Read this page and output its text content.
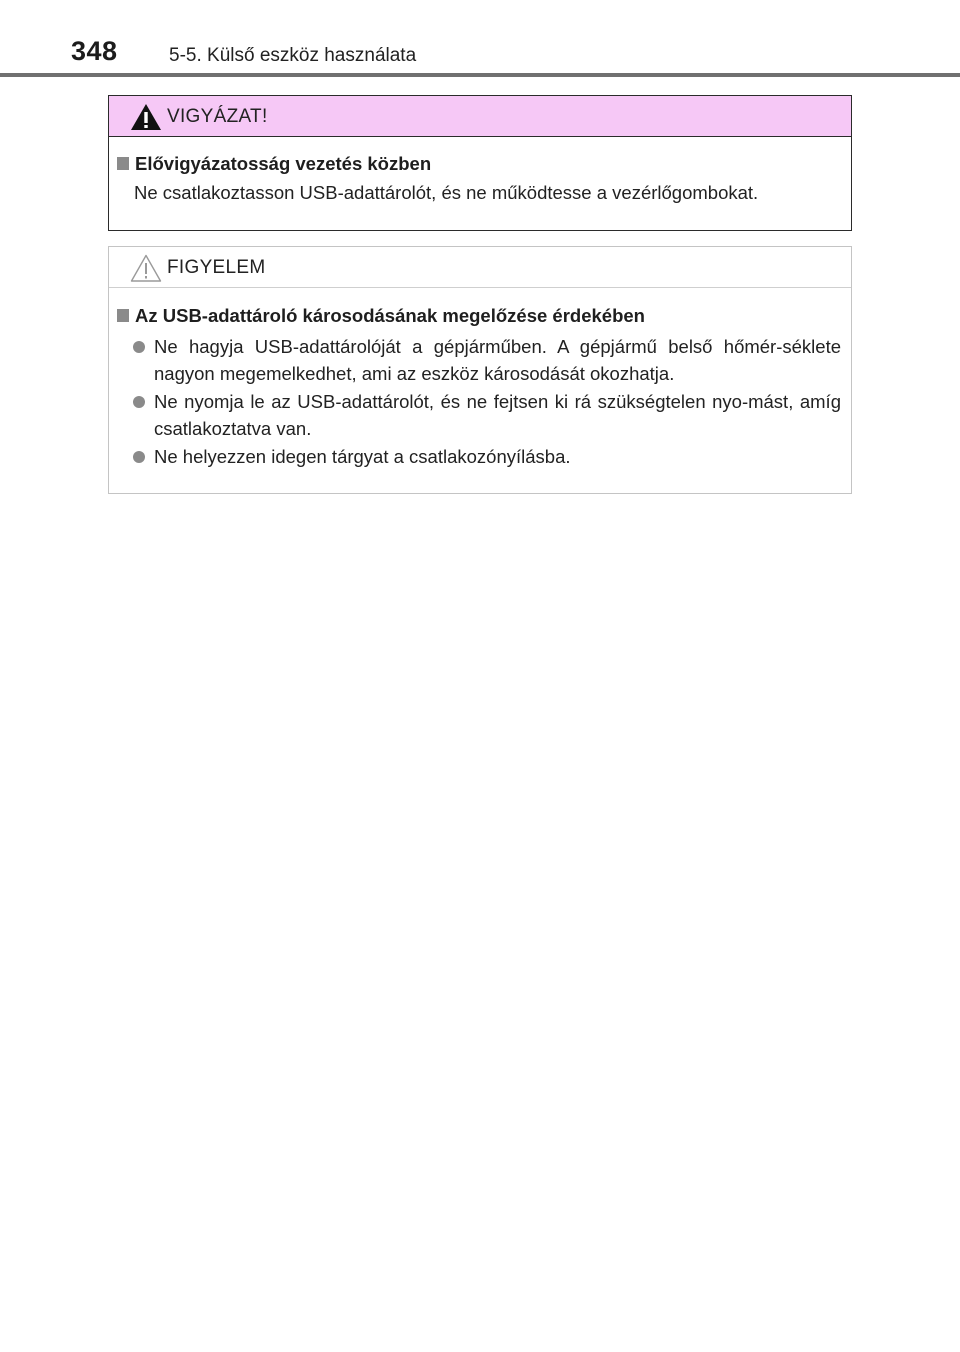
348	5-5. Külső eszköz használata
VIGYÁZAT!
Elővigyázatosság vezetés közben
Ne csatlakoztasson USB-adattárolót, és ne működtesse a vezérlőgombokat.
FIGYELEM
Az USB-adattároló károsodásának megelőzése érdekében
Ne hagyja USB-adattárolóját a gépjárműben. A gépjármű belső hőmér-séklete nagyon megemelkedhet, ami az eszköz károsodását okozhatja.
Ne nyomja le az USB-adattárolót, és ne fejtsen ki rá szükségtelen nyo-mást, amíg csatlakoztatva van.
Ne helyezzen idegen tárgyat a csatlakozónyílásba.
